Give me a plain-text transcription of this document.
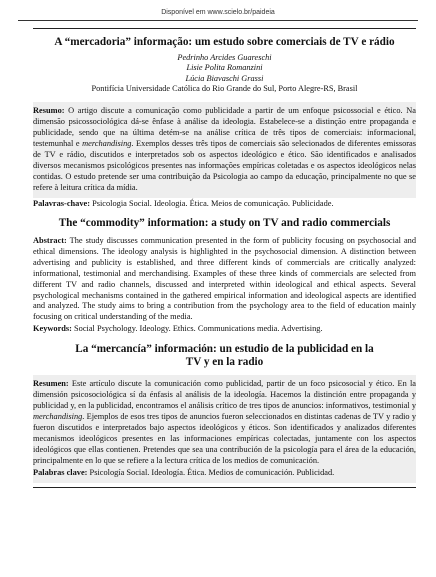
Disponível em www.scielo.br/paideia
A “mercadoria” informação: um estudo sobre comerciais de TV e rádio
Pedrinho Arcides Guareschi
Lisie Polita Romanzini
Lúcia Biavaschi Grassi
Pontifícia Universidade Católica do Rio Grande do Sul, Porto Alegre-RS, Brasil

Resumo: O artigo discute a comunicação como publicidade a partir de um enfoque psicossocial e ético. Na dimensão psicossociológica dá-se ênfase à análise da ideologia. Estabelece-se a distinção entre propaganda e publicidade, sendo que na última detém-se na análise crítica de três tipos de comerciais: informacional, testemunhal e merchandising. Exemplos desses três tipos de comerciais são selecionados de diferentes emissoras de TV e rádio, discutidos e interpretados sob os aspectos ideológico e ético. São identificados e analisados diversos mecanismos psicológicos presentes nas informações empíricas coletadas e os aspectos ideológicos nelas contidas. O estudo pretende ser uma contribuição da Psicologia ao campo da educação, principalmente no que se refere à leitura crítica da mídia.

Palavras-chave: Psicologia Social. Ideologia. Ética. Meios de comunicação. Publicidade.

The “commodity” information: a study on TV and radio commercials

Abstract: The study discusses communication presented in the form of publicity focusing on psychosocial and ethical dimensions. The ideology analysis is highlighted in the psychosocial dimension. A distinction between advertising and publicity is established, and three different kinds of commercials are critically analyzed: informational, testimonial and merchandising. Examples of these three kinds of commercials are selected from different TV and radio channels, discussed and interpreted within ideological and ethical aspects. Several psychological mechanisms contained in the gathered empirical information and ideological aspects are identified and analyzed. The study aims to bring a contribution from the psychology area to the field of education mainly focusing on critical understanding of the media.

Keywords: Social Psychology. Ideology. Ethics. Communications media. Advertising.

La “mercancía” información: un estudio de la publicidad en la
TV y en la radio

Resumen: Este artículo discute la comunicación como publicidad, partir de un foco psicosocial y ético. En la dimensión psicosociológica sí da énfasis al análisis de la ideología. Hacemos la distinción entre propaganda y publicidad y, en la publicidad, encontramos el análisis crítico de tres tipos de anuncios: informativos, testimonial y merchandising. Ejemplos de esos tres tipos de anuncios fueron seleccionados en distintas cadenas de TV y radio y fueron discutidos e interpretados bajo aspectos ideológicos y éticos. Son identificados y analizados diferentes mecanismos ideológicos presentes en las informaciones empíricas colectadas, juntamente con los aspectos ideológicos que ellas contienen. Pretendes que sea una contribución de la psicología para el área de la educación, principalmente en lo que se refiere a la lectura crítica de los medios de comunicación.

Palabras clave: Psicología Social. Ideología. Ética. Medios de comunicación. Publicidad.
